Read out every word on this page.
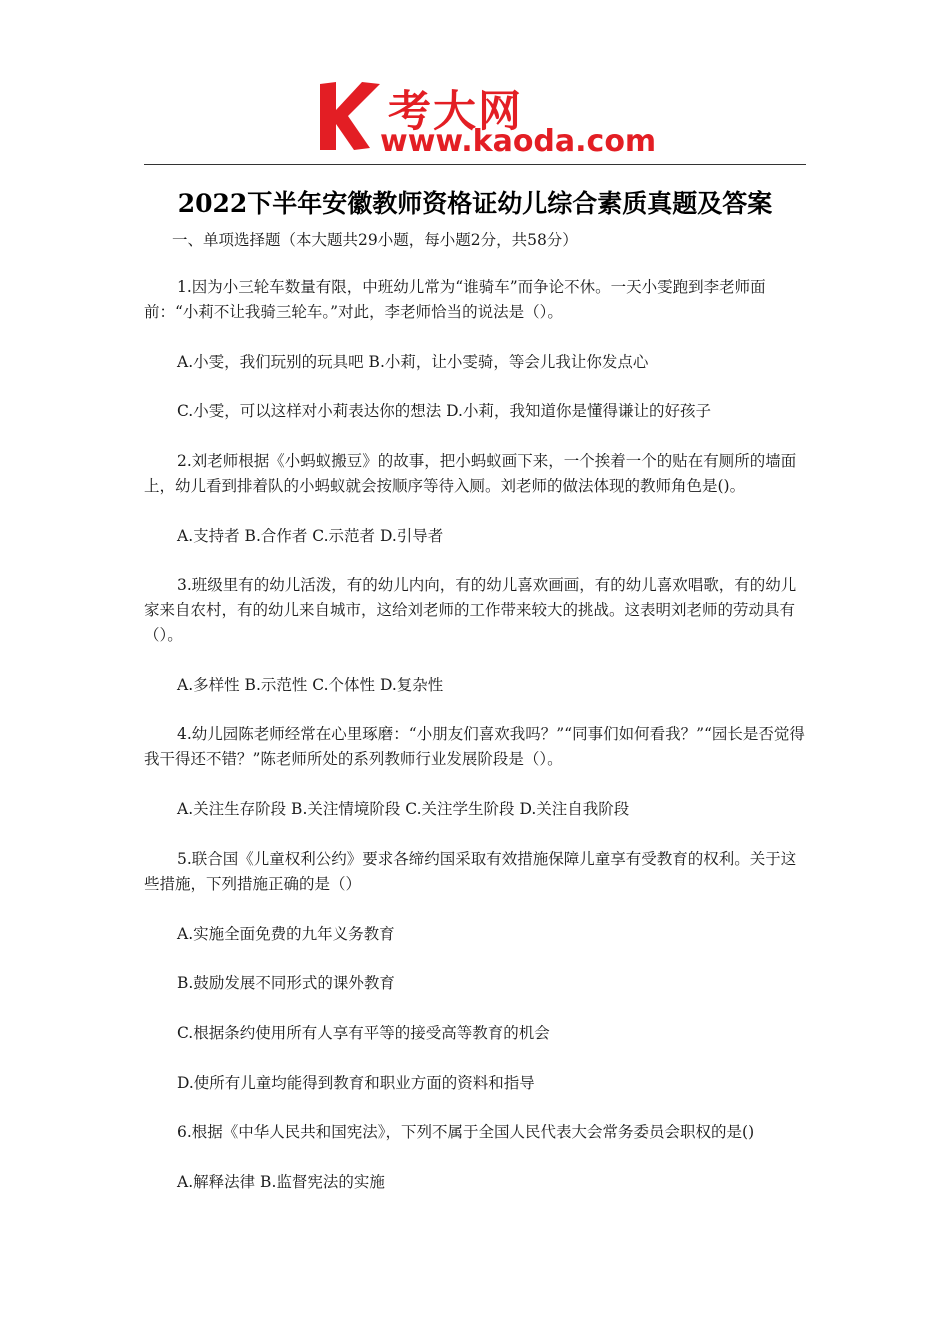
考大网
www.kaoda.com
2022下半年安徽教师资格证幼儿综合素质真题及答案
一、单项选择题（本大题共29小题，每小题2分，共58分）
1.因为小三轮车数量有限，中班幼儿常为“谁骑车”而争论不休。一天小雯跑到李老师面前：“小莉不让我骑三轮车。”对此，李老师恰当的说法是（）。
A.小雯，我们玩别的玩具吧 B.小莉，让小雯骑，等会儿我让你发点心
C.小雯，可以这样对小莉表达你的想法 D.小莉，我知道你是懂得谦让的好孩子
2.刘老师根据《小蚂蚁搬豆》的故事，把小蚂蚁画下来，一个挨着一个的贴在有厕所的墙面上，幼儿看到排着队的小蚂蚁就会按顺序等待入厕。刘老师的做法体现的教师角色是()。
A.支持者 B.合作者 C.示范者 D.引导者
3.班级里有的幼儿活泼，有的幼儿内向，有的幼儿喜欢画画，有的幼儿喜欢唱歌，有的幼儿家来自农村，有的幼儿来自城市，这给刘老师的工作带来较大的挑战。这表明刘老师的劳动具有（）。
A.多样性 B.示范性 C.个体性 D.复杂性
4.幼儿园陈老师经常在心里琢磨：“小朋友们喜欢我吗？”“同事们如何看我？”“园长是否觉得我干得还不错？”陈老师所处的系列教师行业发展阶段是（）。
A.关注生存阶段 B.关注情境阶段 C.关注学生阶段 D.关注自我阶段
5.联合国《儿童权利公约》要求各缔约国采取有效措施保障儿童享有受教育的权利。关于这些措施，下列措施正确的是（）
A.实施全面免费的九年义务教育
B.鼓励发展不同形式的课外教育
C.根据条约使用所有人享有平等的接受高等教育的机会
D.使所有儿童均能得到教育和职业方面的资料和指导
6.根据《中华人民共和国宪法》，下列不属于全国人民代表大会常务委员会职权的是()
A.解释法律 B.监督宪法的实施
